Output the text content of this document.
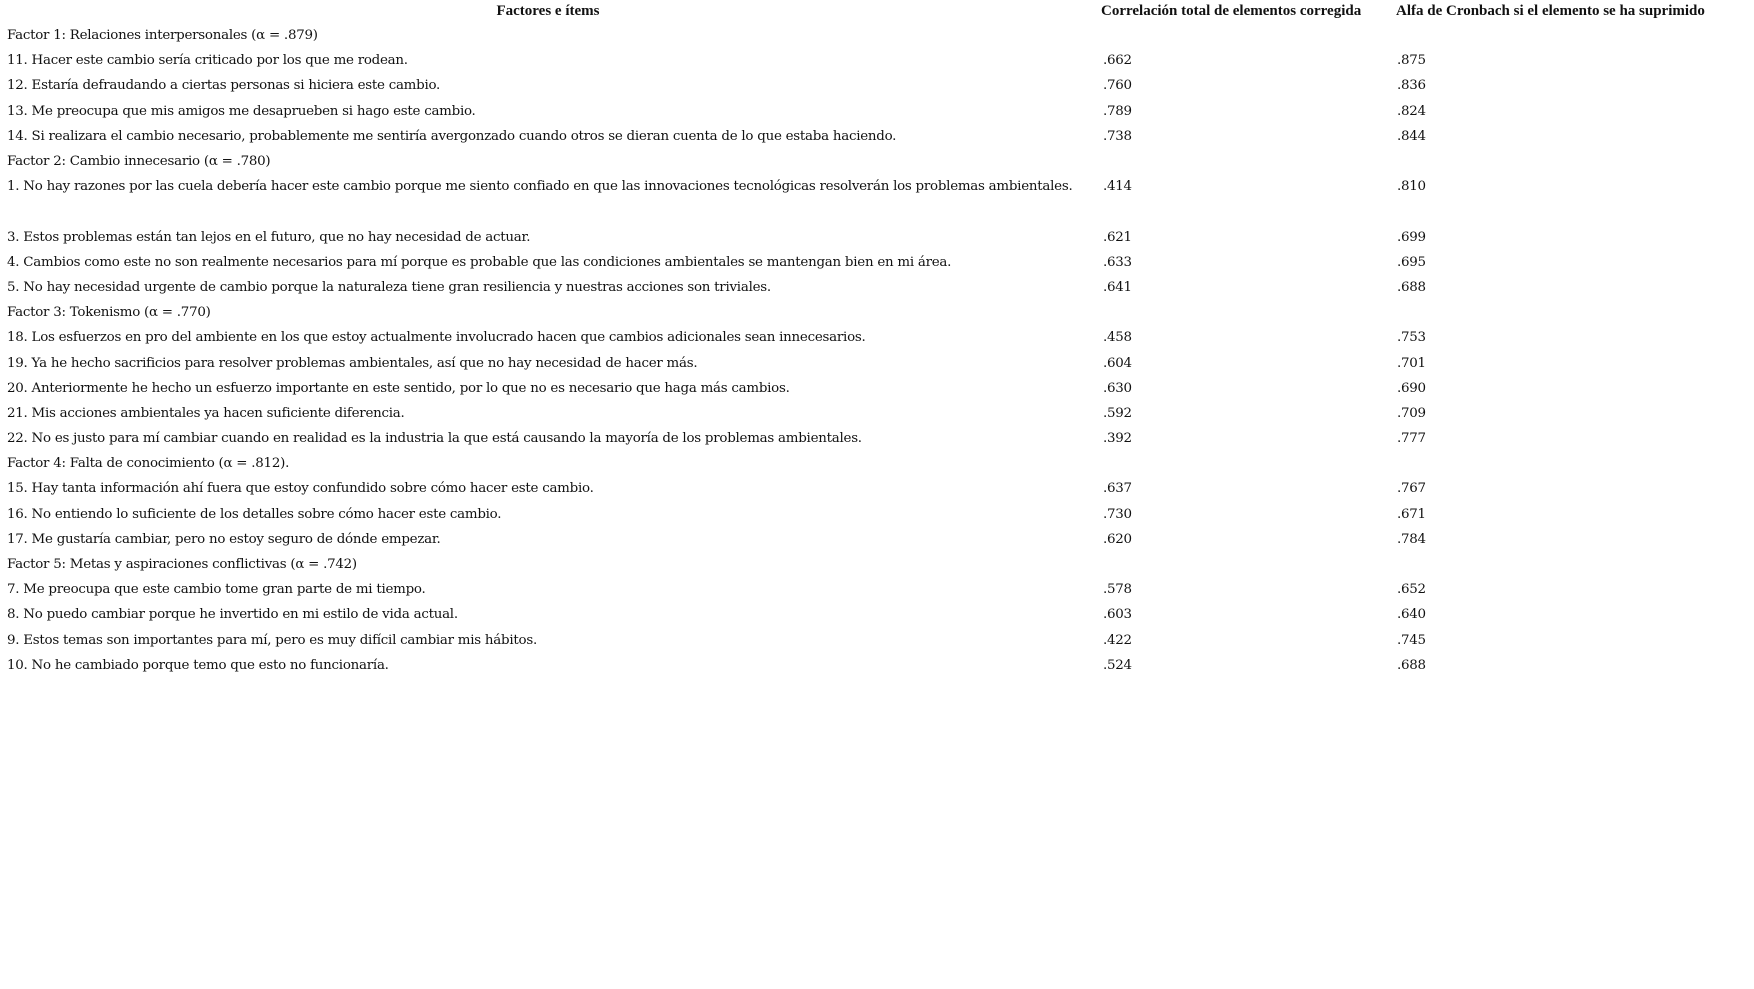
Factores e ítems	Correlación total de elementos corregida	Alfa de Cronbach si el elemento se ha suprimido
Factor 1: Relaciones interpersonales (α = .879)		
11. Hacer este cambio sería criticado por los que me rodean.	.662	.875
12. Estaría defraudando a ciertas personas si hiciera este cambio.	.760	.836
13. Me preocupa que mis amigos me desaprueben si hago este cambio.	.789	.824
14. Si realizara el cambio necesario, probablemente me sentiría avergonzado cuando otros se dieran cuenta de lo que estaba haciendo.	.738	.844
Factor 2: Cambio innecesario (α = .780)		
1. No hay razones por las cuela debería hacer este cambio porque me siento confiado en que las innovaciones tecnológicas resolverán los problemas ambientales.	.414	.810

3. Estos problemas están tan lejos en el futuro, que no hay necesidad de actuar.	.621	.699
4. Cambios como este no son realmente necesarios para mí porque es probable que las condiciones ambientales se mantengan bien en mi área.	.633	.695
5. No hay necesidad urgente de cambio porque la naturaleza tiene gran resiliencia y nuestras acciones son triviales.	.641	.688
Factor 3: Tokenismo (α = .770)		
18. Los esfuerzos en pro del ambiente en los que estoy actualmente involucrado hacen que cambios adicionales sean innecesarios.	.458	.753
19. Ya he hecho sacrificios para resolver problemas ambientales, así que no hay necesidad de hacer más.	.604	.701
20. Anteriormente he hecho un esfuerzo importante en este sentido, por lo que no es necesario que haga más cambios.	.630	.690
21. Mis acciones ambientales ya hacen suficiente diferencia.	.592	.709
22. No es justo para mí cambiar cuando en realidad es la industria la que está causando la mayoría de los problemas ambientales.	.392	.777
Factor 4: Falta de conocimiento (α = .812).		
15. Hay tanta información ahí fuera que estoy confundido sobre cómo hacer este cambio.	.637	.767
16. No entiendo lo suficiente de los detalles sobre cómo hacer este cambio.	.730	.671
17. Me gustaría cambiar, pero no estoy seguro de dónde empezar.	.620	.784
Factor 5: Metas y aspiraciones conflictivas (α = .742)		
7. Me preocupa que este cambio tome gran parte de mi tiempo.	.578	.652
8. No puedo cambiar porque he invertido en mi estilo de vida actual.	.603	.640
9. Estos temas son importantes para mí, pero es muy difícil cambiar mis hábitos.	.422	.745
10. No he cambiado porque temo que esto no funcionaría.	.524	.688
